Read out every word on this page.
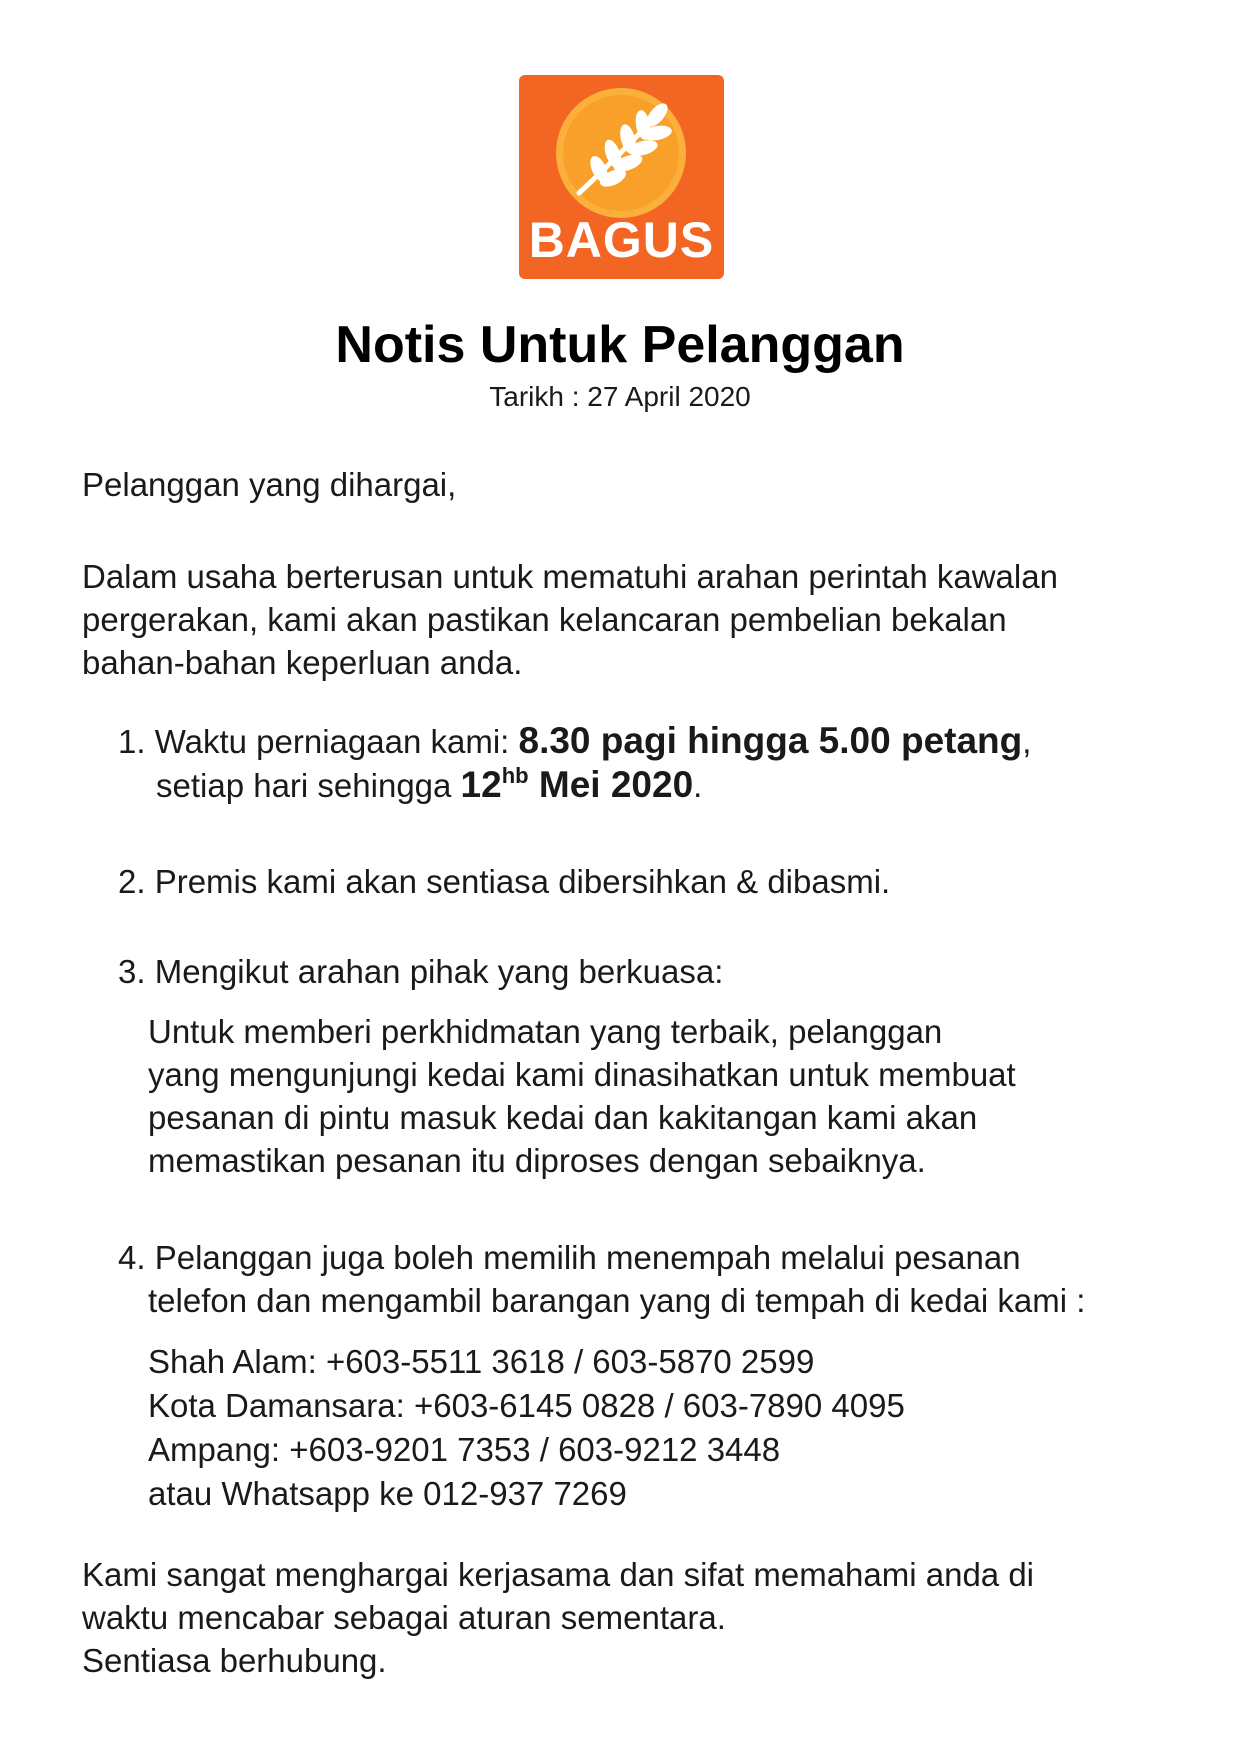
BAGUS
Notis Untuk Pelanggan
Tarikh : 27 April 2020
Pelanggan yang dihargai,
Dalam usaha berterusan untuk mematuhi arahan perintah kawalan
pergerakan, kami akan pastikan kelancaran pembelian bekalan
bahan-bahan keperluan anda.
1. Waktu perniagaan kami: 8.30 pagi hingga 5.00 petang,
setiap hari sehingga $12^{hb}$ Mei 2020.
2. Premis kami akan sentiasa dibersihkan & dibasmi.
3. Mengikut arahan pihak yang berkuasa:
Untuk memberi perkhidmatan yang terbaik, pelanggan
yang mengunjungi kedai kami dinasihatkan untuk membuat
pesanan di pintu masuk kedai dan kakitangan kami akan
memastikan pesanan itu diproses dengan sebaiknya.
4. Pelanggan juga boleh memilih menempah melalui pesanan
telefon dan mengambil barangan yang di tempah di kedai kami :
Shah Alam: +603-5511 3618 / 603-5870 2599
Kota Damansara: +603-6145 0828 / 603-7890 4095
Ampang: +603-9201 7353 / 603-9212 3448
atau Whatsapp ke 012-937 7269
Kami sangat menghargai kerjasama dan sifat memahami anda di
waktu mencabar sebagai aturan sementara.
Sentiasa berhubung.
